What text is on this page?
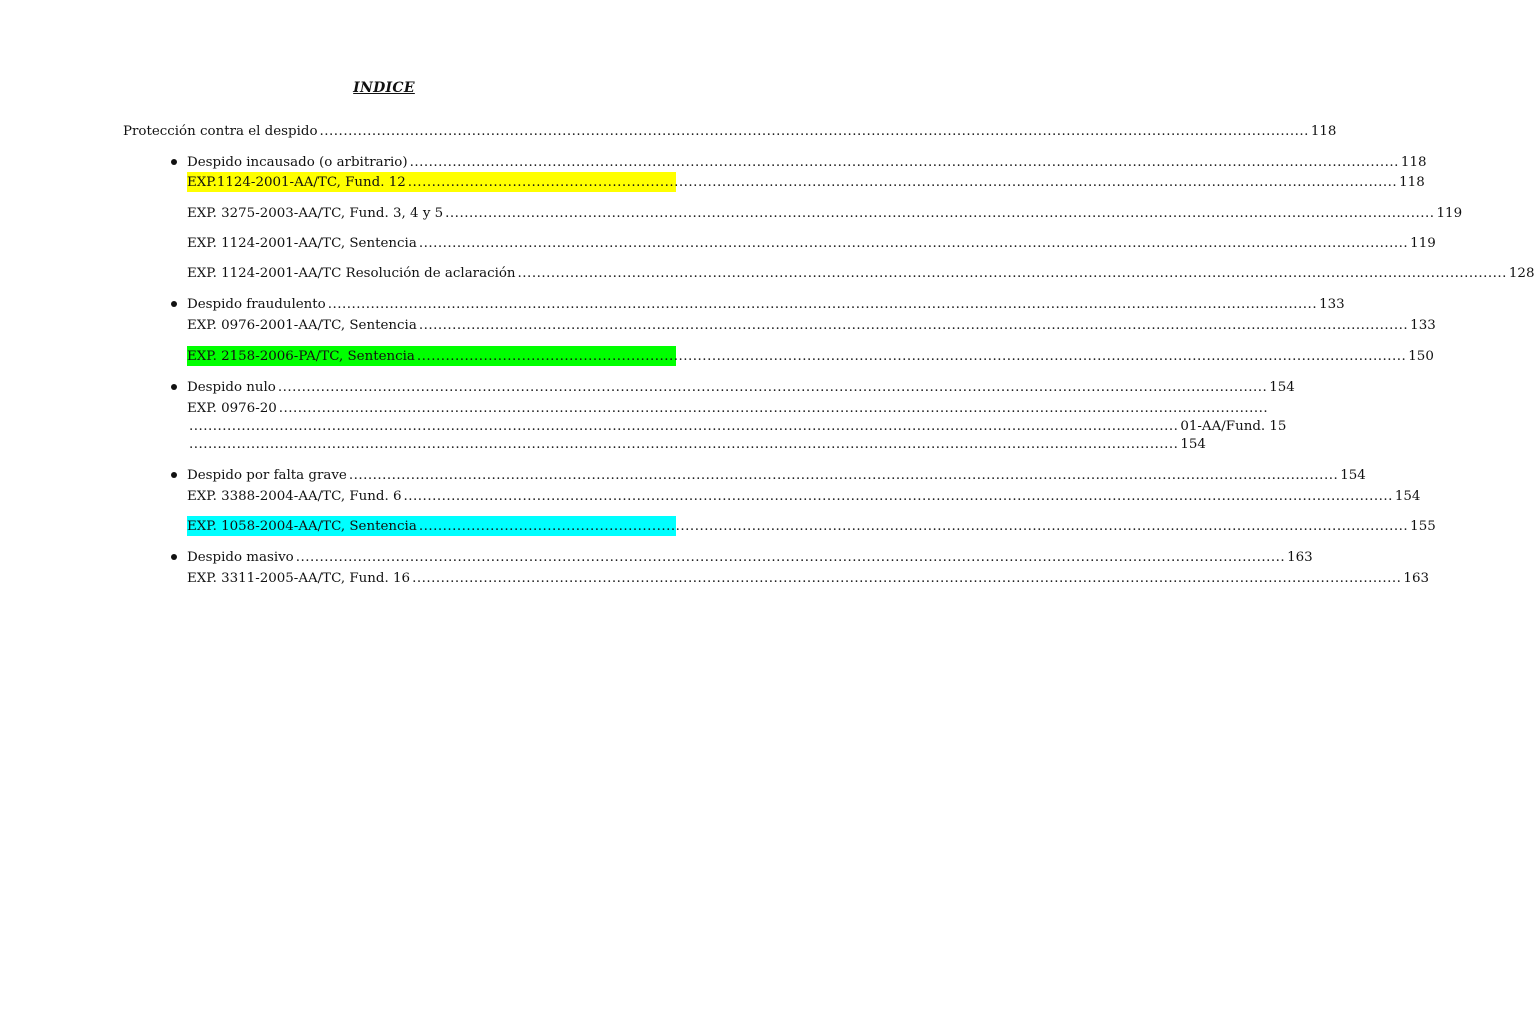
INDICE
Protección contra el despido ................................................................................................................................................................................................................ 118
Despido incausado (o arbitrario) ................................................................................................................................................................................................................ 118
EXP.1124-2001-AA/TC, Fund. 12 ................................................................................................................................................................................................................ 118
EXP. 3275-2003-AA/TC, Fund. 3, 4 y 5 ................................................................................................................................................................................................................ 119
EXP. 1124-2001-AA/TC, Sentencia ................................................................................................................................................................................................................ 119
EXP. 1124-2001-AA/TC Resolución de aclaración ................................................................................................................................................................................................................ 128
Despido fraudulento ................................................................................................................................................................................................................ 133
EXP. 0976-2001-AA/TC, Sentencia ................................................................................................................................................................................................................ 133
EXP. 2158-2006-PA/TC, Sentencia ................................................................................................................................................................................................................ 150
Despido nulo ................................................................................................................................................................................................................ 154
EXP. 0976-20 ................................................................................................................................................................................................................
................................................................................................................................................................................................................ 01-AA/Fund. 15
................................................................................................................................................................................................................ 154
Despido por falta grave ................................................................................................................................................................................................................ 154
EXP. 3388-2004-AA/TC, Fund. 6 ................................................................................................................................................................................................................ 154
EXP. 1058-2004-AA/TC, Sentencia ................................................................................................................................................................................................................ 155
Despido masivo ................................................................................................................................................................................................................ 163
EXP. 3311-2005-AA/TC, Fund. 16 ................................................................................................................................................................................................................ 163
